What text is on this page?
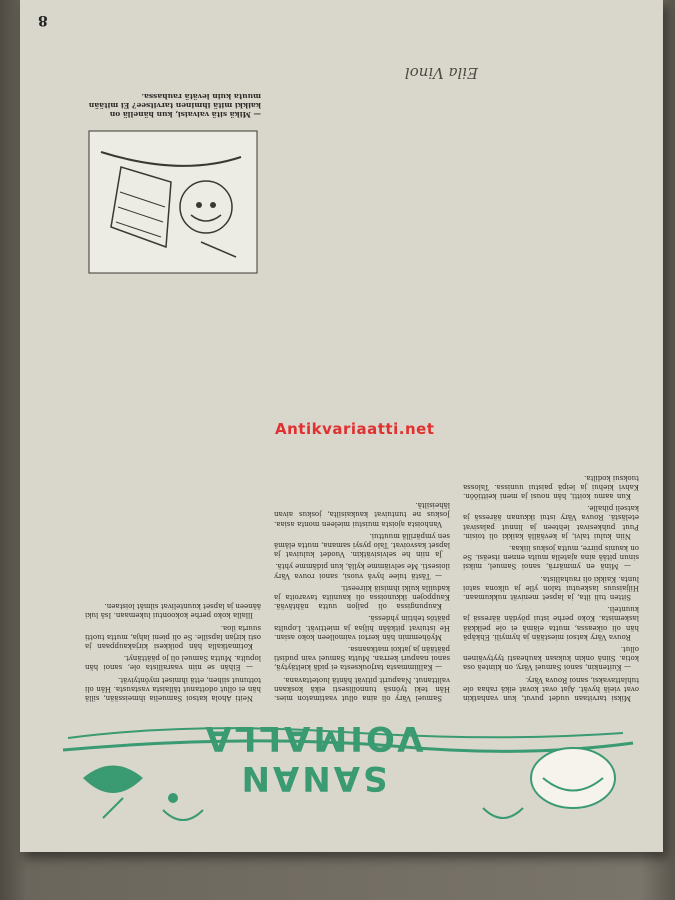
SANAN VOIMALLA

Miksi tarvitaan uudet puvut, kun vanhatkin ovat vielä hyvät. Ajat ovat kovat eikä rahaa ole tuhlattavaksi, sanoi Rouva Väry.

— Kuitenkin, sanoi Samuel Väry, on kiinteä osa kotia. Siinä onkin kukaan kauheasti tyytyväinen ollut.

Rouva Väry katsoi miestään ja hymyili. Ehkäpä hän oli oikeassa, mutta elämä ei ole pelkkää laskemista. Koko perhe istui pöydän ääressä ja kuunteli.

Sitten tuli ilta, ja lapset menivät nukkumaan. Hiljaisuus laskeutui talon ylle ja ulkona satoi lunta. Kaikki oli rauhallista.

— Minä en ymmärrä, sanoi Samuel, miksi sinun pitää aina ajatella muita ennen itseäsi. Se on kaunis piirre, mutta joskus liikaa.

Niin kului talvi, ja keväällä kaikki oli toisin. Puut puhkesivat lehteen ja linnut palasivat etelästä. Rouva Väry istui ikkunan ääressä ja katseli pihalle.

Kun aamu koitti, hän nousi ja meni keittiöön. Kahvi kiehui ja leipä paistui uunissa. Talossa tuoksui kodilta.

Samuel Väry oli aina ollut vaatimaton mies. Hän teki työnsä tunnollisesti eikä koskaan valittanut. Naapurit pitivät häntä luotettavana.

— Kalliimmasta tarjouksesta ei pidä kieltäytyä, sanoi naapuri kerran. Mutta Samuel vain pudisti päätään ja jatkoi matkaansa.

Myöhemmin hän kertoi vaimolleen koko asian. He istuivat pitkään hiljaa ja miettivät. Lopulta päätös tehtiin yhdessä.

Kaupungissa oli paljon uutta nähtävää. Kauppojen ikkunoissa oli kauniita tavaroita ja kaduilla kulki ihmisiä kiireesti.

— Tästä tulee hyvä vuosi, sanoi rouva Väry iloisesti. Me selviämme kyllä, kun pidämme yhtä.

Ja niin he selvisivätkin. Vuodet kuluivat ja lapset kasvoivat. Talo pysyi samana, mutta elämä sen ympärillä muuttui.

Vanhoista ajoista muistui mieleen monta asiaa. Joskus ne tuntuivat kaukaisilta, joskus aivan läheisiltä.

Neiti Ahola katsoi Samuelia ihmeissään, sillä hän ei ollut odottanut tällaista vastausta. Hän oli tottunut siihen, että ihmiset myöntyivät.

— Eihän se niin vaarallista ole, sanoi hän lopulta. Mutta Samuel oli jo päättänyt.

Kotimatkalla hän poikkesi kirjakauppaan ja osti kirjan lapsille. Se oli pieni lahja, mutta tuotti suurta iloa.

Illalla koko perhe kokoontui lukemaan. Isä luki ääneen ja lapset kuuntelivat silmät loistaen.

— Mikä sitä vaivaisi, kun hänellä on kaikki mitä ihminen tarvitsee? Ei mitään muuta kuin levätä rauhassa.
8
Eila Vinol
Antikvariaatti.net
